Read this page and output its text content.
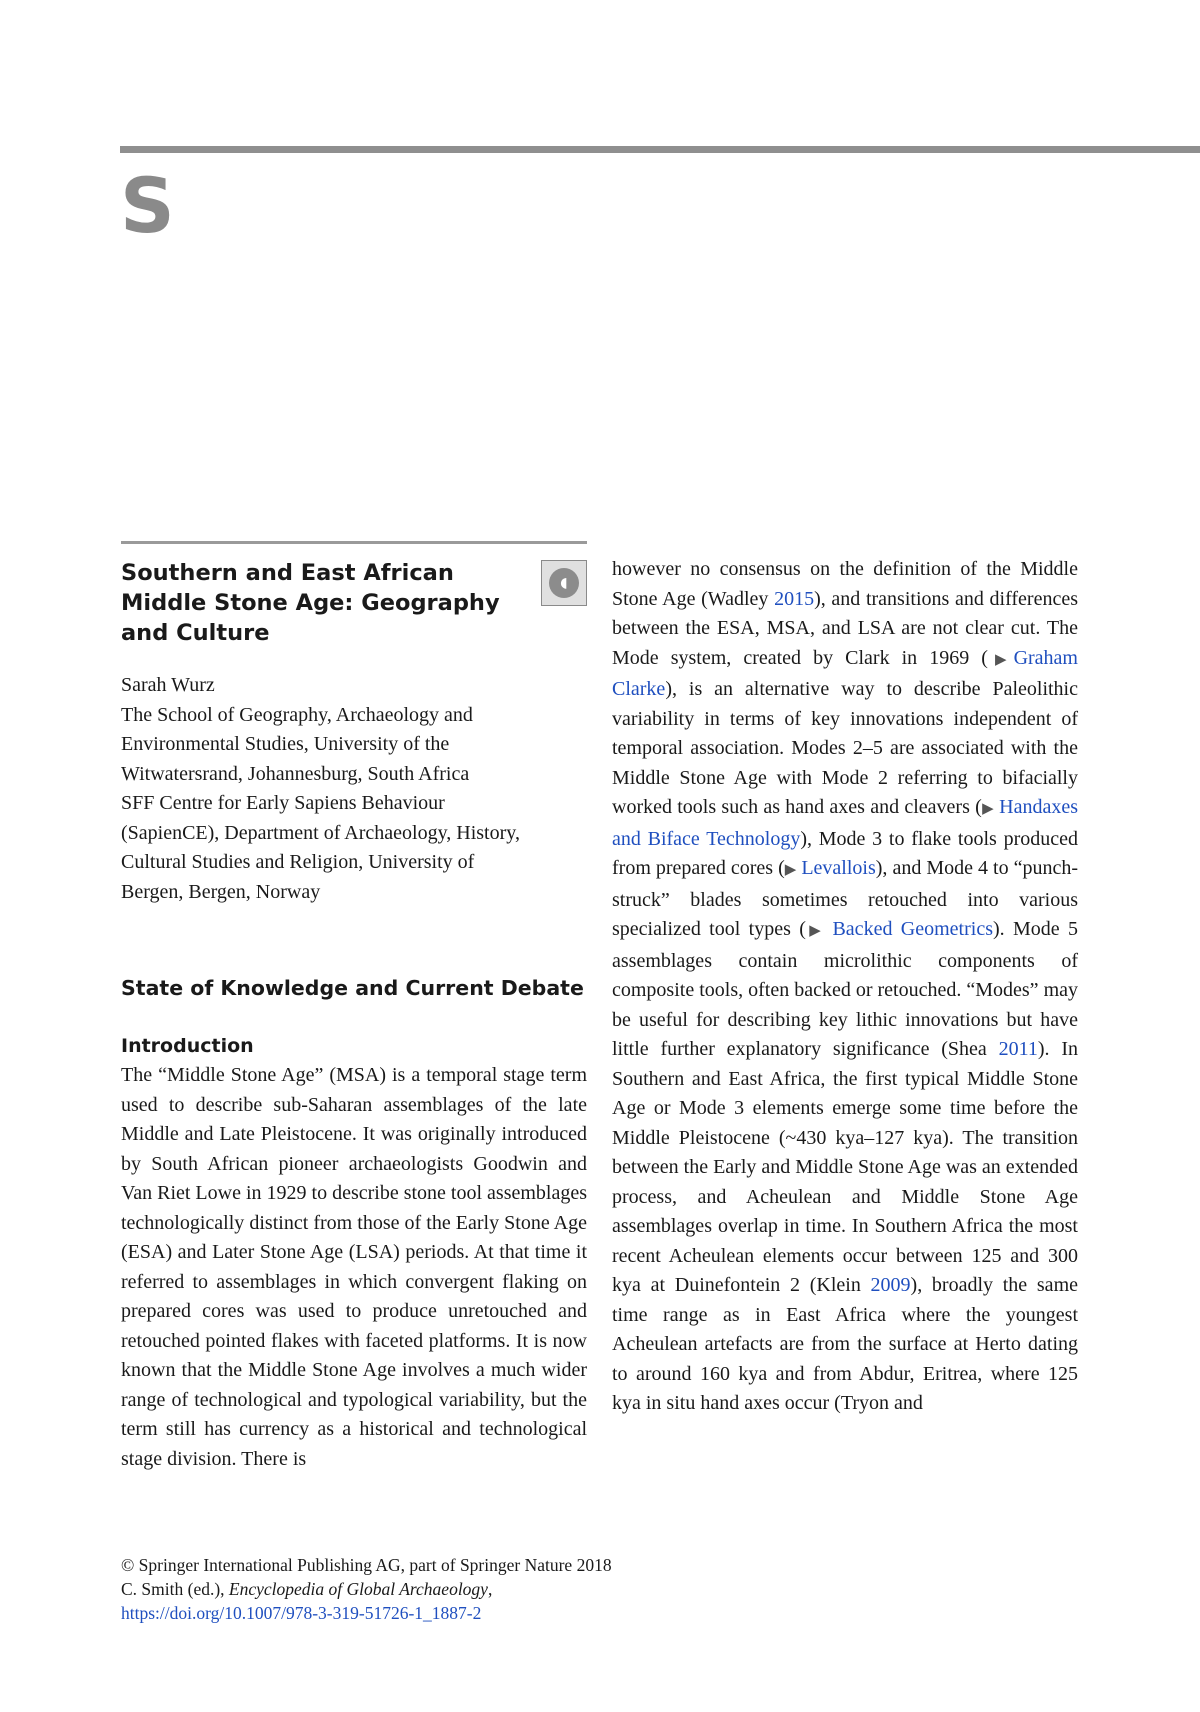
S
Southern and East African Middle Stone Age: Geography and Culture
◖

Sarah Wurz

The School of Geography, Archaeology and

Environmental Studies, University of the

Witwatersrand, Johannesburg, South Africa

SFF Centre for Early Sapiens Behaviour

(SapienCE), Department of Archaeology, History,

Cultural Studies and Religion, University of

Bergen, Bergen, Norway

State of Knowledge and Current Debate
Introduction

The “Middle Stone Age” (MSA) is a temporal stage term used to describe sub-Saharan assemblages of the late Middle and Late Pleistocene. It was originally introduced by South African pioneer archaeologists Goodwin and Van Riet Lowe in 1929 to describe stone tool assemblages technologically distinct from those of the Early Stone Age (ESA) and Later Stone Age (LSA) periods. At that time it referred to assemblages in which convergent flaking on prepared cores was used to produce unretouched and retouched pointed flakes with faceted platforms. It is now known that the Middle Stone Age involves a much wider range of technological and typological variability, but the term still has currency as a historical and technological stage division. There is

however no consensus on the definition of the Middle Stone Age (Wadley 2015), and transitions and differences between the ESA, MSA, and LSA are not clear cut. The Mode system, created by Clark in 1969 (▶Graham Clarke), is an alternative way to describe Paleolithic variability in terms of key innovations independent of temporal association. Modes 2–5 are associated with the Middle Stone Age with Mode 2 referring to bifacially worked tools such as hand axes and cleavers (▶ Handaxes and Biface Technology), Mode 3 to flake tools produced from prepared cores (▶ Levallois), and Mode 4 to “punch-struck” blades sometimes retouched into various specialized tool types (▶ Backed Geometrics). Mode 5 assemblages contain microlithic components of composite tools, often backed or retouched. “Modes” may be useful for describing key lithic innovations but have little further explanatory significance (Shea 2011). In Southern and East Africa, the first typical Middle Stone Age or Mode 3 elements emerge some time before the Middle Pleistocene (~430 kya–127 kya). The transition between the Early and Middle Stone Age was an extended process, and Acheulean and Middle Stone Age assemblages overlap in time. In Southern Africa the most recent Acheulean elements occur between 125 and 300 kya at Duinefontein 2 (Klein 2009), broadly the same time range as in East Africa where the youngest Acheulean artefacts are from the surface at Herto dating to around 160 kya and from Abdur, Eritrea, where 125 kya in situ hand axes occur (Tryon and

© Springer International Publishing AG, part of Springer Nature 2018

C. Smith (ed.), Encyclopedia of Global Archaeology,

https://doi.org/10.1007/978-3-319-51726-1_1887-2
